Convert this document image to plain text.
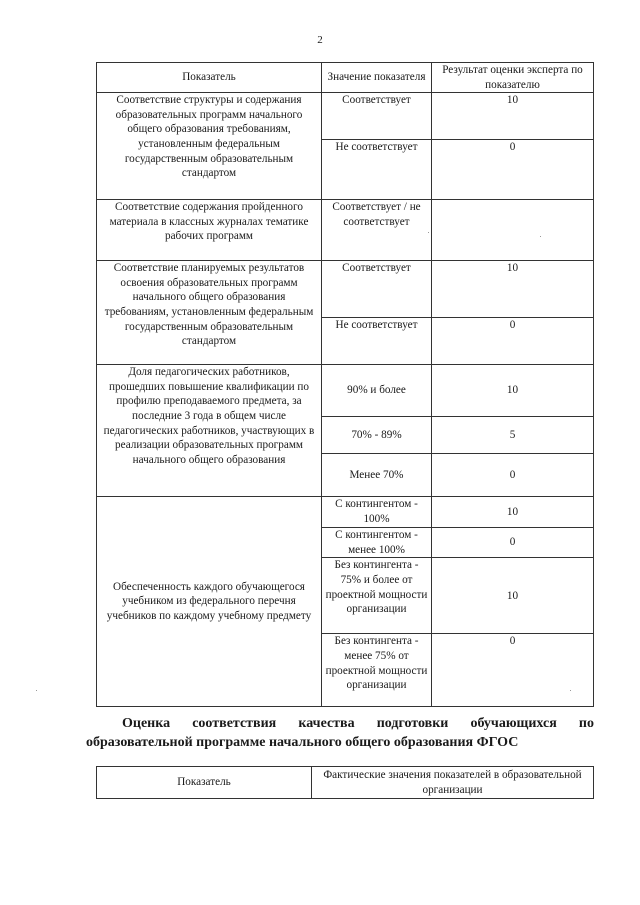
2
Показатель	Значение показателя	Результат оценки эксперта по показателю
Соответствие структуры и содержания образовательных программ начального общего образования требованиям, установленным федеральным государственным образовательным стандартом	Соответствует	10
	Не соответствует	0
Соответствие содержания пройденного материала в классных журналах тематике рабочих программ	Соответствует / не соответствует	
Соответствие планируемых результатов освоения образовательных программ начального общего образования требованиям, установленным федеральным государственным образовательным стандартом	Соответствует	10
	Не соответствует	0
Доля педагогических работников, прошедших повышение квалификации по профилю преподаваемого предмета, за последние 3 года в общем числе педагогических работников, участвующих в реализации образовательных программ начального общего образования	90% и более	10
	70% - 89%	5
	Менее 70%	0
Обеспеченность каждого обучающегося учебником из федерального перечня учебников по каждому учебному предмету	С контингентом - 100%	10
	С контингентом - менее 100%	0
	Без контингента - 75% и более от проектной мощности организации	10
	Без контингента - менее 75% от проектной мощности организации	0
Оценка соответствия качества подготовки обучающихся по
образовательной программе начального общего образования ФГОС
Показатель	Фактические значения показателей в образовательной организации
